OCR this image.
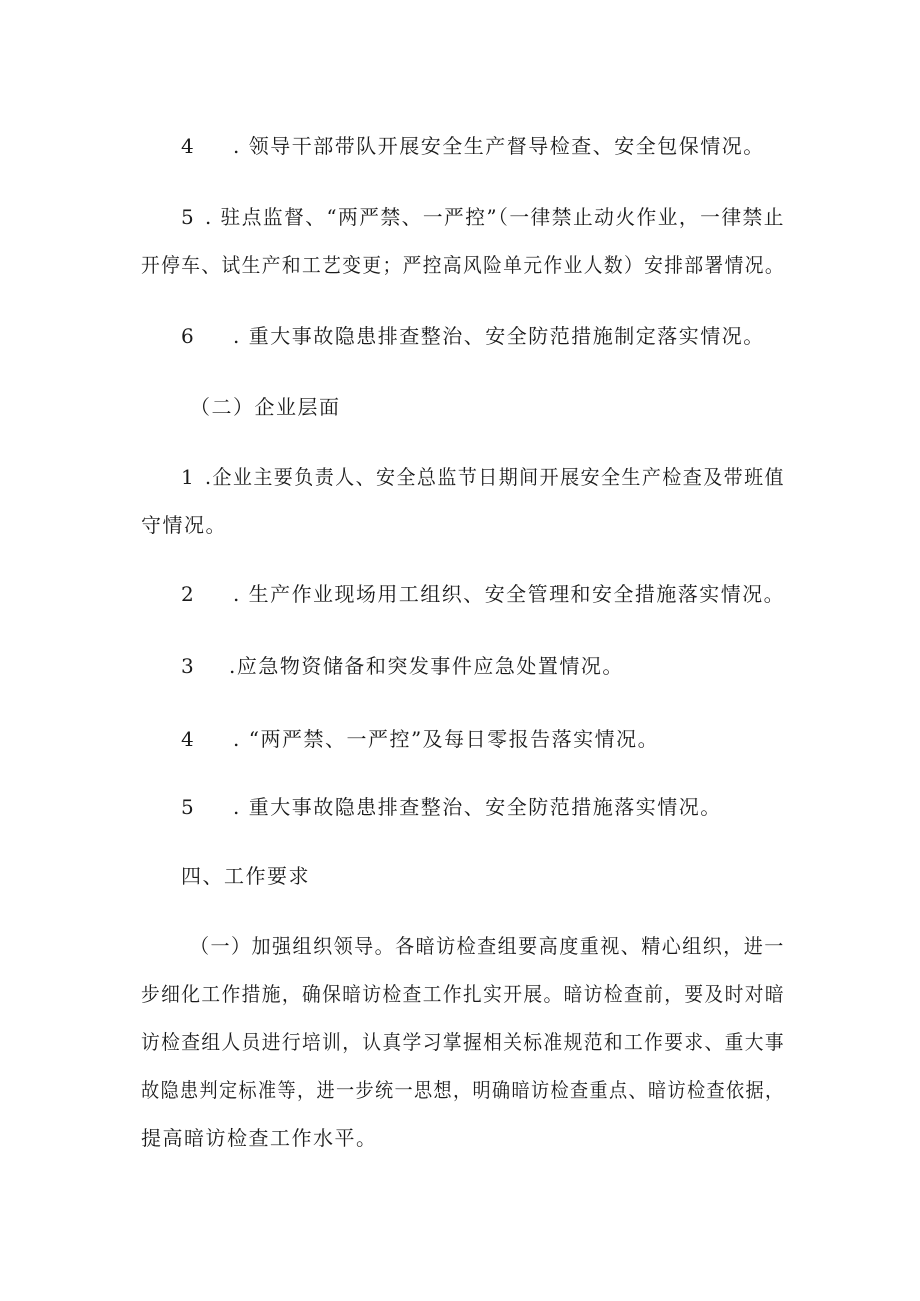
4 . 领导干部带队开展安全生产督导检查、安全包保情况。
5 . 驻点监督、“两严禁、一严控”（一律禁止动火作业，一律禁止
开停车、试生产和工艺变更；严控高风险单元作业人数）安排部署情况。
6 . 重大事故隐患排查整治、安全防范措施制定落实情况。
（二）企业层面
1 .企业主要负责人、安全总监节日期间开展安全生产检查及带班值
守情况。
2 . 生产作业现场用工组织、安全管理和安全措施落实情况。
3 .应急物资储备和突发事件应急处置情况。
4 . “两严禁、一严控”及每日零报告落实情况。
5 . 重大事故隐患排查整治、安全防范措施落实情况。
四、工作要求
（一）加强组织领导。各暗访检查组要高度重视、精心组织，进一
步细化工作措施，确保暗访检查工作扎实开展。暗访检查前，要及时对暗
访检查组人员进行培训，认真学习掌握相关标准规范和工作要求、重大事
故隐患判定标准等，进一步统一思想，明确暗访检查重点、暗访检查依据，
提高暗访检查工作水平。
